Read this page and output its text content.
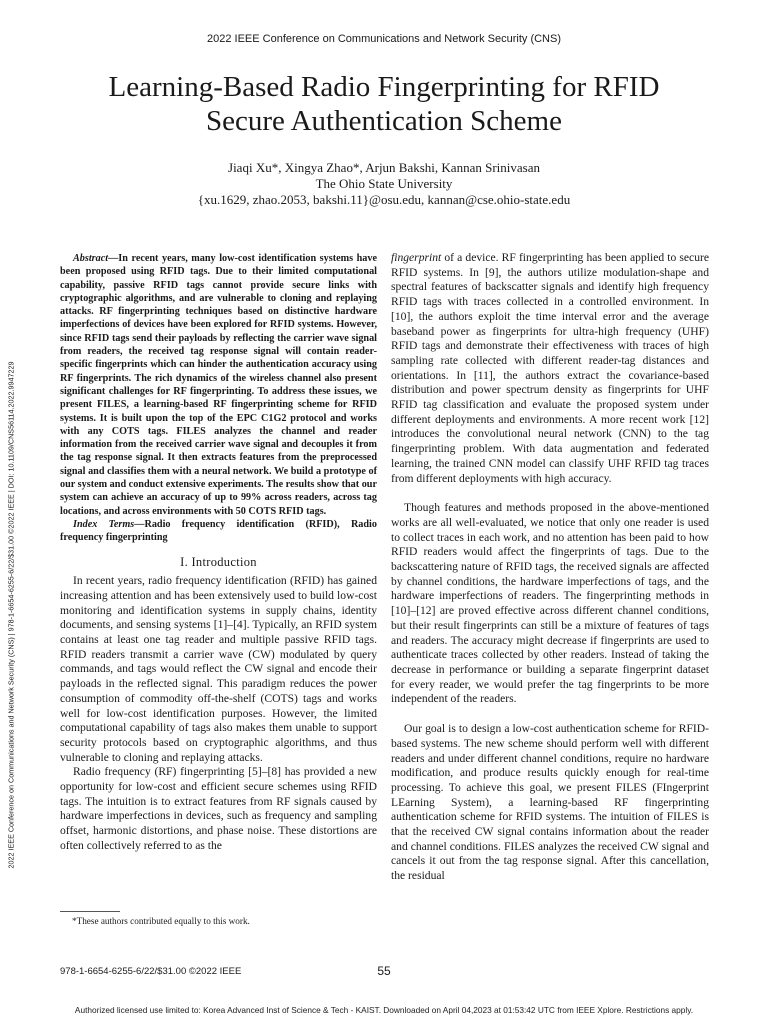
2022 IEEE Conference on Communications and Network Security (CNS)
Learning-Based Radio Fingerprinting for RFID
Secure Authentication Scheme
Jiaqi Xu*, Xingya Zhao*, Arjun Bakshi, Kannan Srinivasan
The Ohio State University
{xu.1629, zhao.2053, bakshi.11}@osu.edu, kannan@cse.ohio-state.edu
2022 IEEE Conference on Communications and Network Security (CNS) | 978-1-6654-6255-6/22/$31.00 ©2022 IEEE | DOI: 10.1109/CNS56114.2022.9947229

Abstract—In recent years, many low-cost identification systems have been proposed using RFID tags. Due to their limited computational capability, passive RFID tags cannot provide secure links with cryptographic algorithms, and are vulnerable to cloning and replaying attacks. RF fingerprinting techniques based on distinctive hardware imperfections of devices have been explored for RFID systems. However, since RFID tags send their payloads by reflecting the carrier wave signal from readers, the received tag response signal will contain reader-specific fingerprints which can hinder the authentication accuracy using RF fingerprints. The rich dynamics of the wireless channel also present significant challenges for RF fingerprinting. To address these issues, we present FILES, a learning-based RF fingerprinting scheme for RFID systems. It is built upon the top of the EPC C1G2 protocol and works with any COTS tags. FILES analyzes the channel and reader information from the received carrier wave signal and decouples it from the tag response signal. It then extracts features from the preprocessed signal and classifies them with a neural network. We build a prototype of our system and conduct extensive experiments. The results show that our system can achieve an accuracy of up to 99% across readers, across tag locations, and across environments with 50 COTS RFID tags.

Index Terms—Radio frequency identification (RFID), Radio frequency fingerprinting

I. Introduction

In recent years, radio frequency identification (RFID) has gained increasing attention and has been extensively used to build low-cost monitoring and identification systems in supply chains, identity documents, and sensing systems [1]–[4]. Typically, an RFID system contains at least one tag reader and multiple passive RFID tags. RFID readers transmit a carrier wave (CW) modulated by query commands, and tags would reflect the CW signal and encode their payloads in the reflected signal. This paradigm reduces the power consumption of commodity off-the-shelf (COTS) tags and works well for low-cost identification purposes. However, the limited computational capability of tags also makes them unable to support security protocols based on cryptographic algorithms, and thus vulnerable to cloning and replaying attacks.

Radio frequency (RF) fingerprinting [5]–[8] has provided a new opportunity for low-cost and efficient secure schemes using RFID tags. The intuition is to extract features from RF signals caused by hardware imperfections in devices, such as frequency and sampling offset, harmonic distortions, and phase noise. These distortions are often collectively referred to as the

fingerprint of a device. RF fingerprinting has been applied to secure RFID systems. In [9], the authors utilize modulation-shape and spectral features of backscatter signals and identify high frequency RFID tags with traces collected in a controlled environment. In [10], the authors exploit the time interval error and the average baseband power as fingerprints for ultra-high frequency (UHF) RFID tags and demonstrate their effectiveness with traces of high sampling rate collected with different reader-tag distances and orientations. In [11], the authors extract the covariance-based distribution and power spectrum density as fingerprints for UHF RFID tag classification and evaluate the proposed system under different deployments and environments. A more recent work [12] introduces the convolutional neural network (CNN) to the tag fingerprinting problem. With data augmentation and federated learning, the trained CNN model can classify UHF RFID tag traces from different deployments with high accuracy.

Though features and methods proposed in the above-mentioned works are all well-evaluated, we notice that only one reader is used to collect traces in each work, and no attention has been paid to how RFID readers would affect the fingerprints of tags. Due to the backscattering nature of RFID tags, the received signals are affected by channel conditions, the hardware imperfections of tags, and the hardware imperfections of readers. The fingerprinting methods in [10]–[12] are proved effective across different channel conditions, but their result fingerprints can still be a mixture of features of tags and readers. The accuracy might decrease if fingerprints are used to authenticate traces collected by other readers. Instead of taking the decrease in performance or building a separate fingerprint dataset for every reader, we would prefer the tag fingerprints to be more independent of the readers.

Our goal is to design a low-cost authentication scheme for RFID-based systems. The new scheme should perform well with different readers and under different channel conditions, require no hardware modification, and produce results quickly enough for real-time processing. To achieve this goal, we present FILES (FIngerprint LEarning System), a learning-based RF fingerprinting authentication scheme for RFID systems. The intuition of FILES is that the received CW signal contains information about the reader and channel conditions. FILES analyzes the received CW signal and cancels it out from the tag response signal. After this cancellation, the residual

*These authors contributed equally to this work.
978-1-6654-6255-6/22/$31.00 ©2022 IEEE	55
Authorized licensed use limited to: Korea Advanced Inst of Science & Tech - KAIST. Downloaded on April 04,2023 at 01:53:42 UTC from IEEE Xplore. Restrictions apply.
